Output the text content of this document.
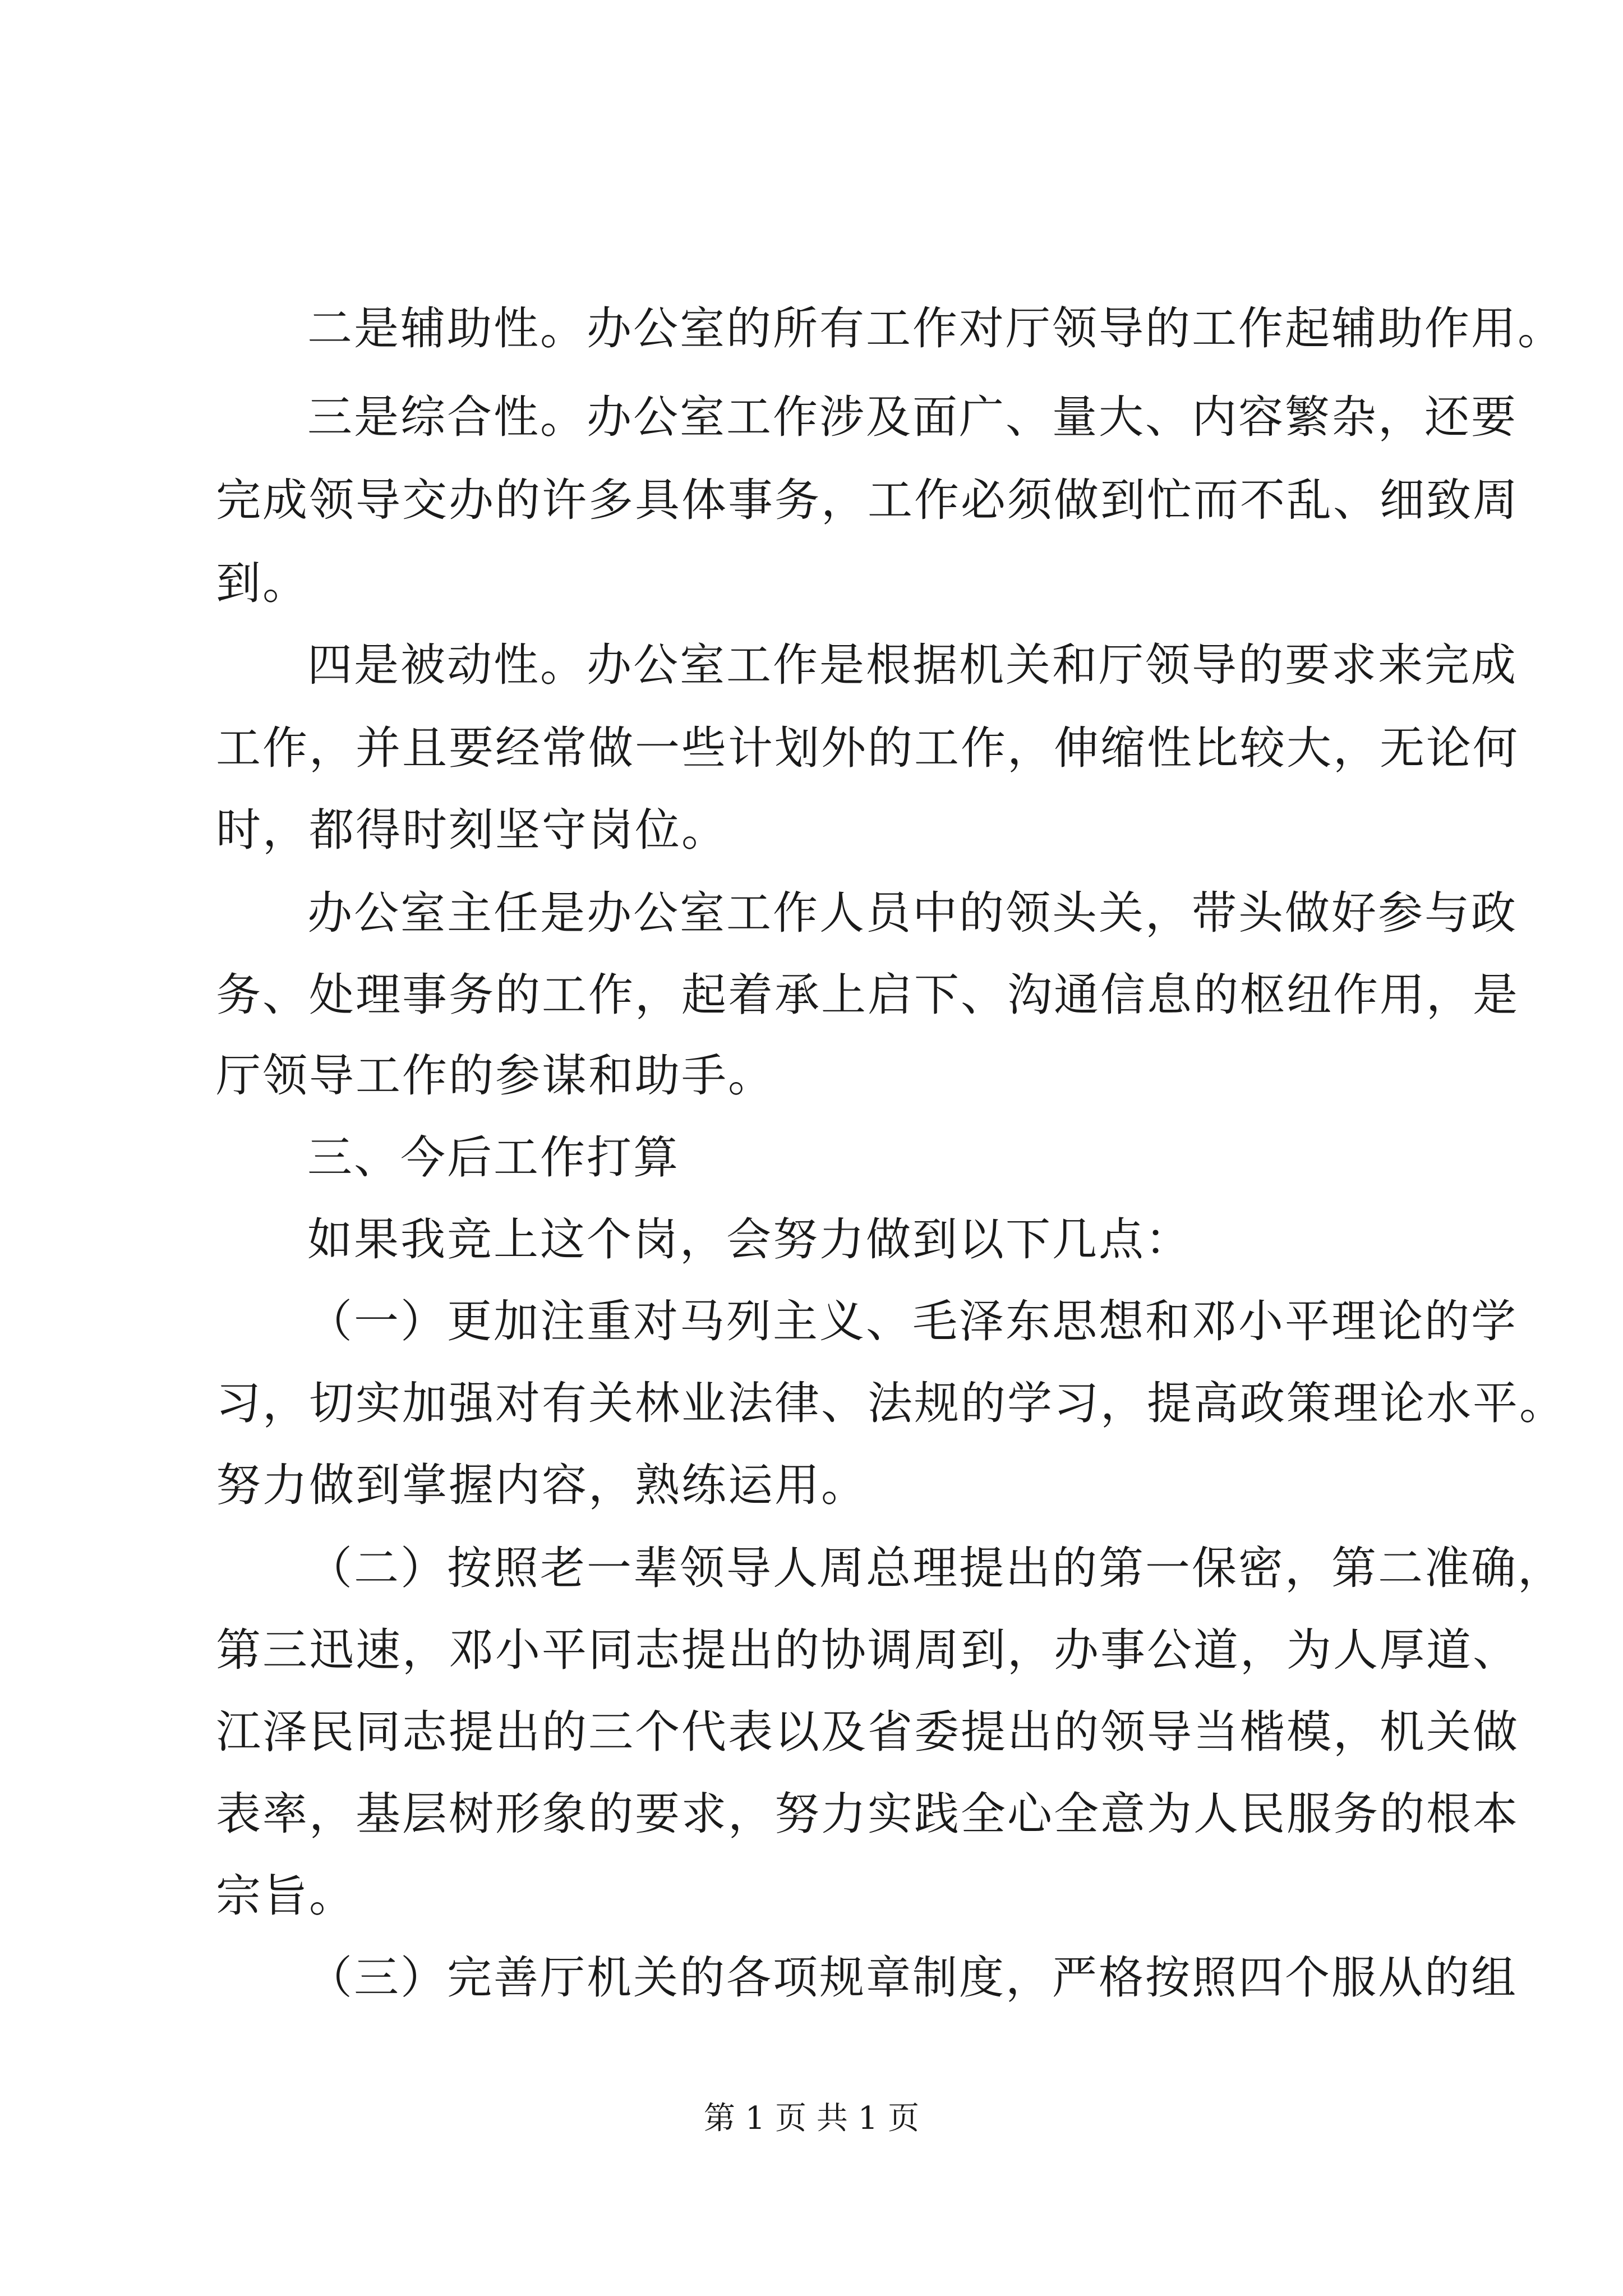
二是辅助性。办公室的所有工作对厅领导的工作起辅助作用。

三是综合性。办公室工作涉及面广、量大、内容繁杂，还要

完成领导交办的许多具体事务，工作必须做到忙而不乱、细致周

到。

四是被动性。办公室工作是根据机关和厅领导的要求来完成

工作，并且要经常做一些计划外的工作，伸缩性比较大，无论何

时，都得时刻坚守岗位。

办公室主任是办公室工作人员中的领头关，带头做好参与政

务、处理事务的工作，起着承上启下、沟通信息的枢纽作用，是

厅领导工作的参谋和助手。

三、今后工作打算

如果我竞上这个岗，会努力做到以下几点：

（一）更加注重对马列主义、毛泽东思想和邓小平理论的学

习，切实加强对有关林业法律、法规的学习，提高政策理论水平。

努力做到掌握内容，熟练运用。

（二）按照老一辈领导人周总理提出的第一保密，第二准确，

第三迅速，邓小平同志提出的协调周到，办事公道，为人厚道、

江泽民同志提出的三个代表以及省委提出的领导当楷模，机关做

表率，基层树形象的要求，努力实践全心全意为人民服务的根本

宗旨。

（三）完善厅机关的各项规章制度，严格按照四个服从的组

第 1 页 共 1 页
